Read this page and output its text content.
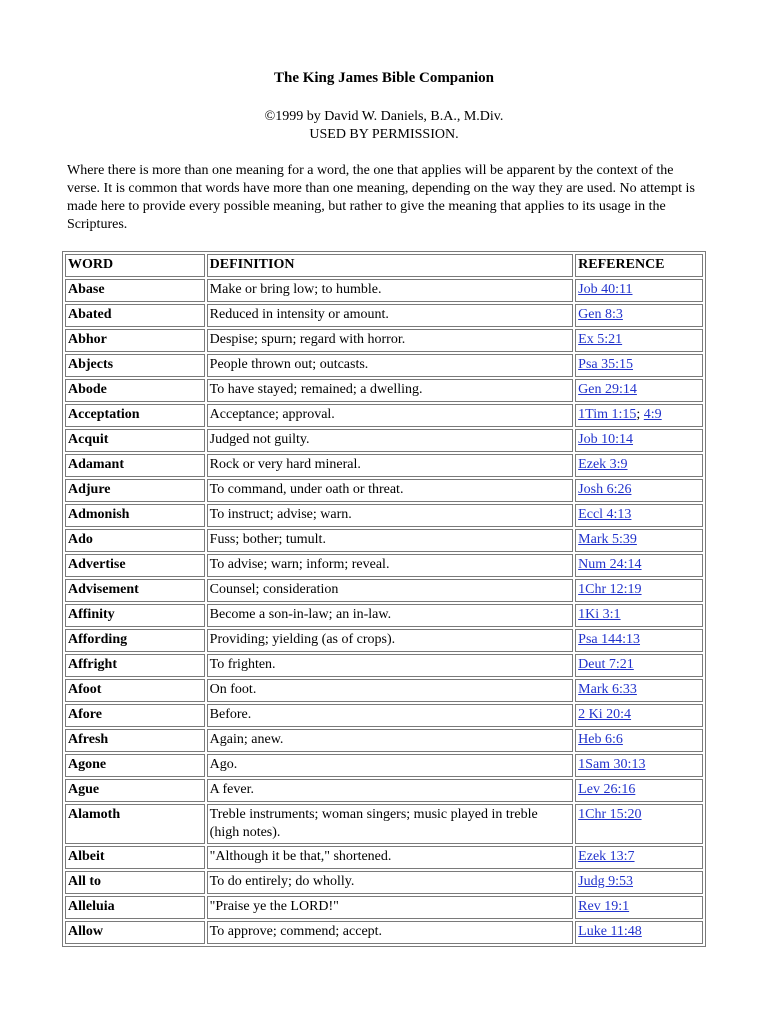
The King James Bible Companion
©1999 by David W. Daniels, B.A., M.Div.
USED BY PERMISSION.
Where there is more than one meaning for a word, the one that applies will be apparent by the context of the verse. It is common that words have more than one meaning, depending on the way they are used. No attempt is made here to provide every possible meaning, but rather to give the meaning that applies to its usage in the Scriptures.
WORD	DEFINITION	REFERENCE
Abase	Make or bring low; to humble.	Job 40:11
Abated	Reduced in intensity or amount.	Gen 8:3
Abhor	Despise; spurn; regard with horror.	Ex 5:21
Abjects	People thrown out; outcasts.	Psa 35:15
Abode	To have stayed; remained; a dwelling.	Gen 29:14
Acceptation	Acceptance; approval.	1Tim 1:15; 4:9
Acquit	Judged not guilty.	Job 10:14
Adamant	Rock or very hard mineral.	Ezek 3:9
Adjure	To command, under oath or threat.	Josh 6:26
Admonish	To instruct; advise; warn.	Eccl 4:13
Ado	Fuss; bother; tumult.	Mark 5:39
Advertise	To advise; warn; inform; reveal.	Num 24:14
Advisement	Counsel; consideration	1Chr 12:19
Affinity	Become a son-in-law; an in-law.	1Ki 3:1
Affording	Providing; yielding (as of crops).	Psa 144:13
Affright	To frighten.	Deut 7:21
Afoot	On foot.	Mark 6:33
Afore	Before.	2 Ki 20:4
Afresh	Again; anew.	Heb 6:6
Agone	Ago.	1Sam 30:13
Ague	A fever.	Lev 26:16
Alamoth	Treble instruments; woman singers; music played in treble (high notes).	1Chr 15:20
Albeit	"Although it be that," shortened.	Ezek 13:7
All to	To do entirely; do wholly.	Judg 9:53
Alleluia	"Praise ye the LORD!"	Rev 19:1
Allow	To approve; commend; accept.	Luke 11:48
